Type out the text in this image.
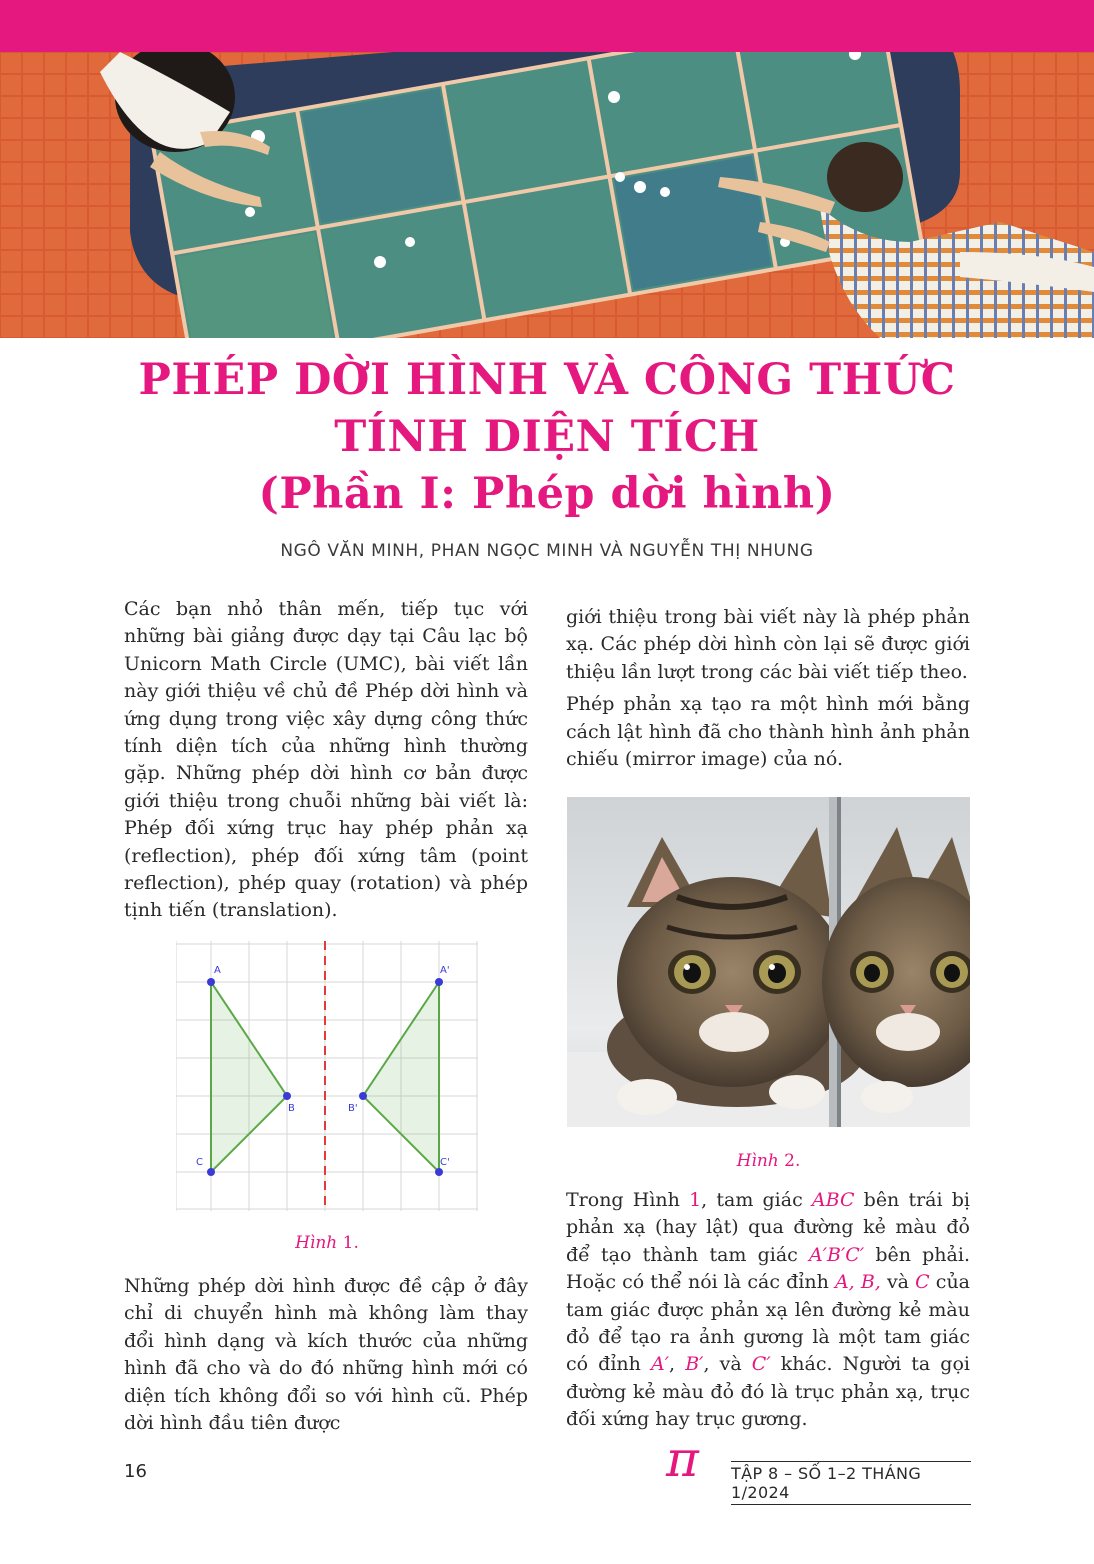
PHÉP DỜI HÌNH VÀ CÔNG THỨC
TÍNH DIỆN TÍCH
(Phần I: Phép dời hình)
NGÔ VĂN MINH, PHAN NGỌC MINH VÀ NGUYỄN THỊ NHUNG

Các bạn nhỏ thân mến, tiếp tục với những bài giảng được dạy tại Câu lạc bộ Unicorn Math Circle (UMC), bài viết lần này giới thiệu về chủ đề Phép dời hình và ứng dụng trong việc xây dựng công thức tính diện tích của những hình thường gặp. Những phép dời hình cơ bản được giới thiệu trong chuỗi những bài viết là: Phép đối xứng trục hay phép phản xạ (reflection), phép đối xứng tâm (point reflection), phép quay (rotation) và phép tịnh tiến (translation).

A
B
C
A'
B'
C'
Hình 1.

Những phép dời hình được đề cập ở đây chỉ di chuyển hình mà không làm thay đổi hình dạng và kích thước của những hình đã cho và do đó những hình mới có diện tích không đổi so với hình cũ. Phép dời hình đầu tiên được

giới thiệu trong bài viết này là phép phản xạ. Các phép dời hình còn lại sẽ được giới thiệu lần lượt trong các bài viết tiếp theo.

Phép phản xạ tạo ra một hình mới bằng cách lật hình đã cho thành hình ảnh phản chiếu (mirror image) của nó.

Hình 2.

Trong Hình 1, tam giác ABC bên trái bị phản xạ (hay lật) qua đường kẻ màu đỏ để tạo thành tam giác A′B′C′ bên phải. Hoặc có thể nói là các đỉnh A, B, và C của tam giác được phản xạ lên đường kẻ màu đỏ để tạo ra ảnh gương là một tam giác có đỉnh A′, B′, và C′ khác. Người ta gọi đường kẻ màu đỏ đó là trục phản xạ, trục đối xứng hay trục gương.

16	π TẬP 8 – SỐ 1–2 THÁNG 1/2024
